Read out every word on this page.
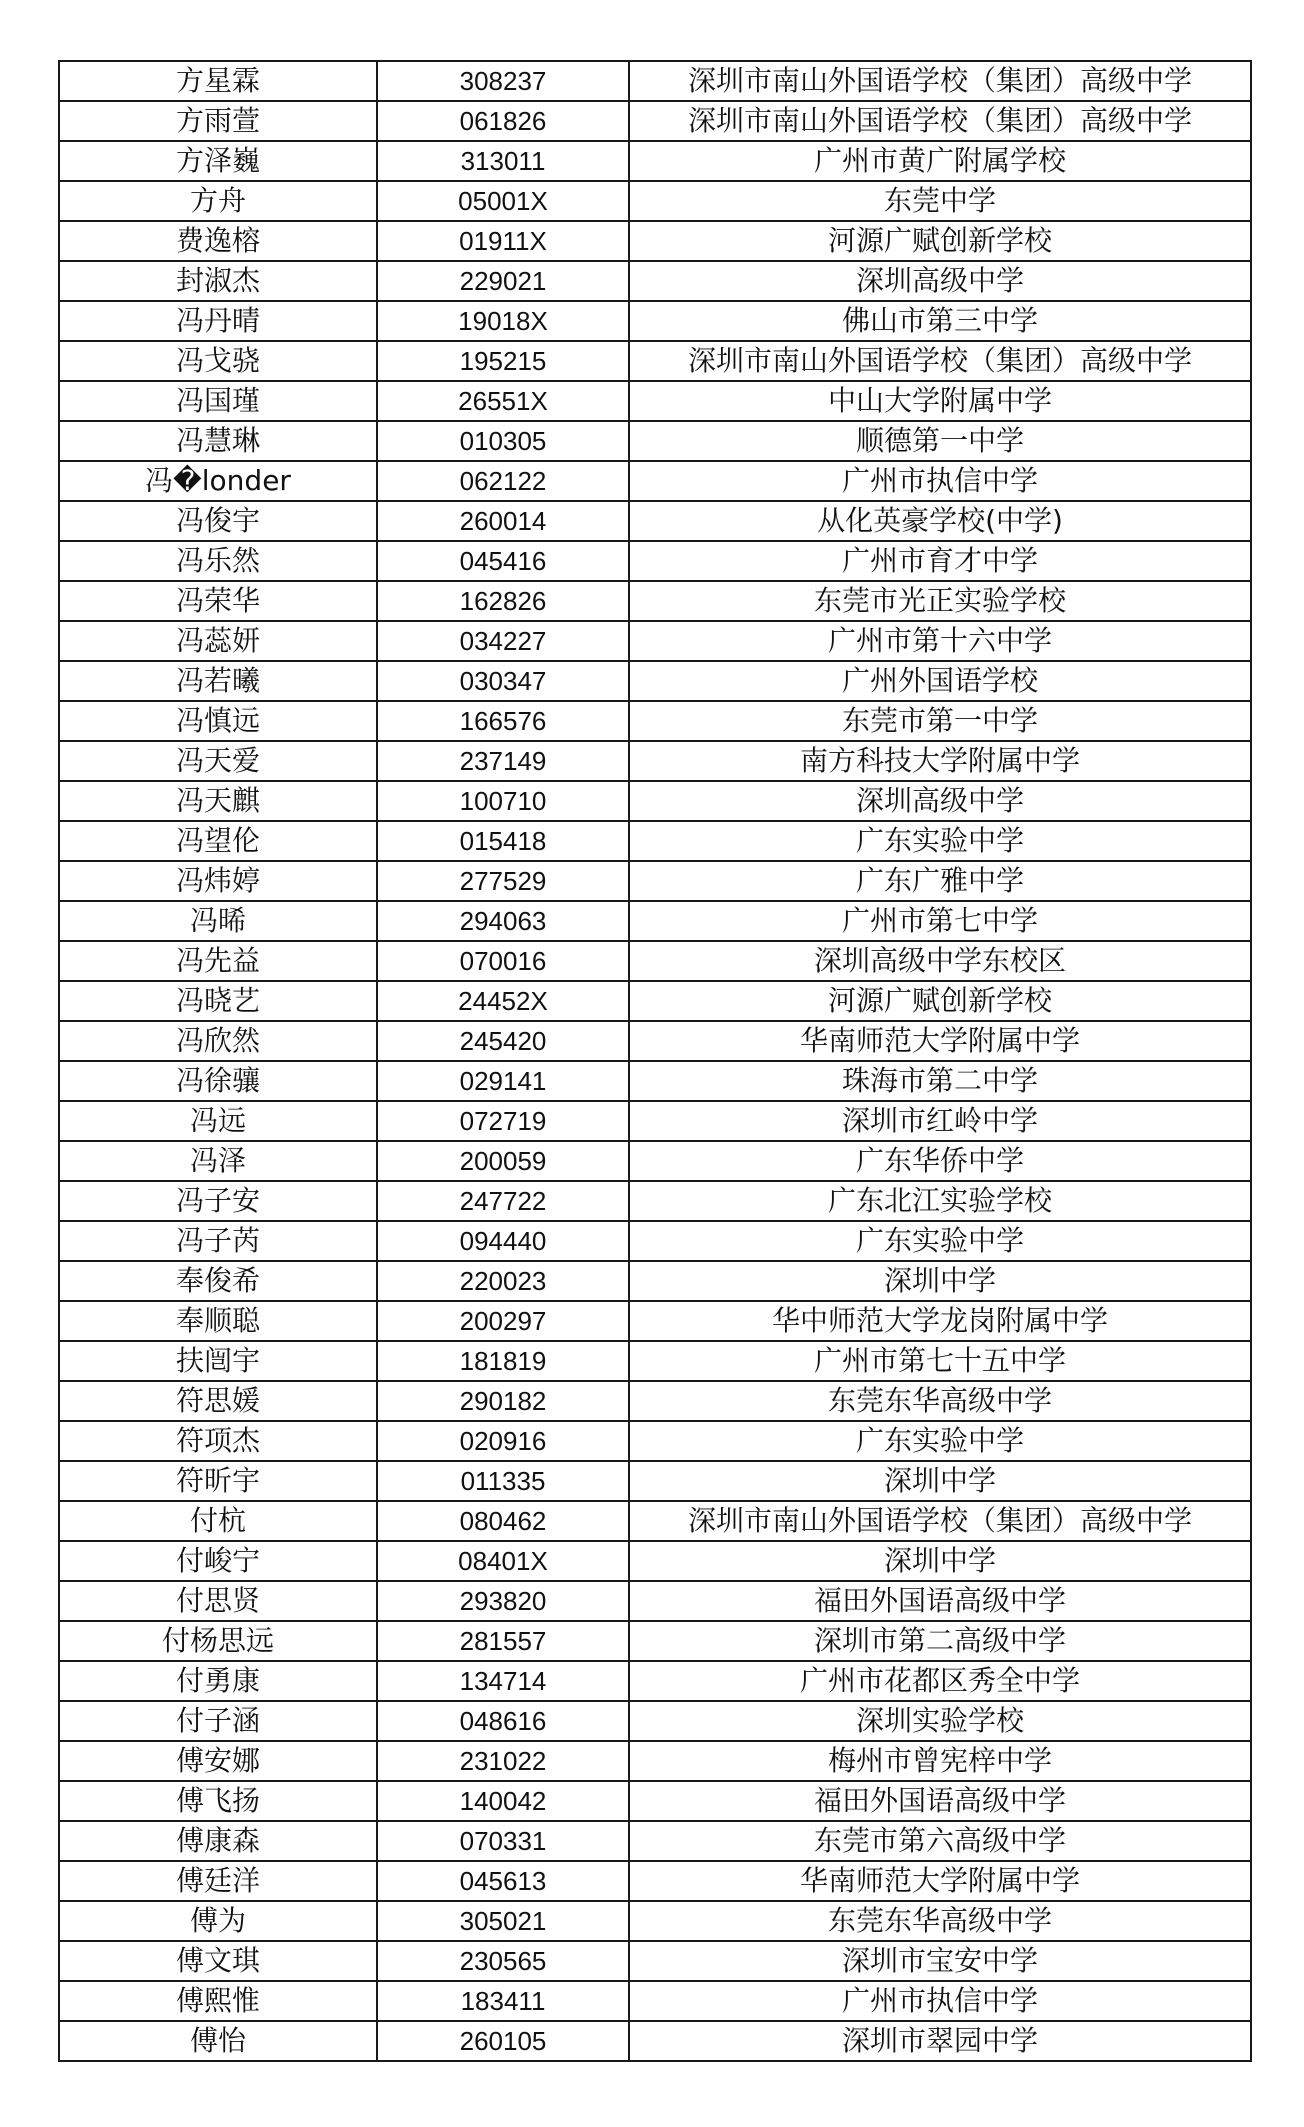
方星霖	308237	深圳市南山外国语学校（集团）高级中学
方雨萱	061826	深圳市南山外国语学校（集团）高级中学
方泽巍	313011	广州市黄广附属学校
方舟	05001X	东莞中学
费逸榕	01911X	河源广赋创新学校
封淑杰	229021	深圳高级中学
冯丹晴	19018X	佛山市第三中学
冯戈骁	195215	深圳市南山外国语学校（集团）高级中学
冯国瑾	26551X	中山大学附属中学
冯慧琳	010305	顺德第一中学
冯�londer	062122	广州市执信中学
冯俊宇	260014	从化英豪学校(中学)
冯乐然	045416	广州市育才中学
冯荣华	162826	东莞市光正实验学校
冯蕊妍	034227	广州市第十六中学
冯若曦	030347	广州外国语学校
冯慎远	166576	东莞市第一中学
冯天爱	237149	南方科技大学附属中学
冯天麒	100710	深圳高级中学
冯望伦	015418	广东实验中学
冯炜婷	277529	广东广雅中学
冯晞	294063	广州市第七中学
冯先益	070016	深圳高级中学东校区
冯晓艺	24452X	河源广赋创新学校
冯欣然	245420	华南师范大学附属中学
冯徐骧	029141	珠海市第二中学
冯远	072719	深圳市红岭中学
冯泽	200059	广东华侨中学
冯子安	247722	广东北江实验学校
冯子芮	094440	广东实验中学
奉俊希	220023	深圳中学
奉顺聪	200297	华中师范大学龙岗附属中学
扶闿宇	181819	广州市第七十五中学
符思媛	290182	东莞东华高级中学
符项杰	020916	广东实验中学
符昕宇	011335	深圳中学
付杭	080462	深圳市南山外国语学校（集团）高级中学
付峻宁	08401X	深圳中学
付思贤	293820	福田外国语高级中学
付杨思远	281557	深圳市第二高级中学
付勇康	134714	广州市花都区秀全中学
付子涵	048616	深圳实验学校
傅安娜	231022	梅州市曾宪梓中学
傅飞扬	140042	福田外国语高级中学
傅康森	070331	东莞市第六高级中学
傅廷洋	045613	华南师范大学附属中学
傅为	305021	东莞东华高级中学
傅文琪	230565	深圳市宝安中学
傅熙惟	183411	广州市执信中学
傅怡	260105	深圳市翠园中学
